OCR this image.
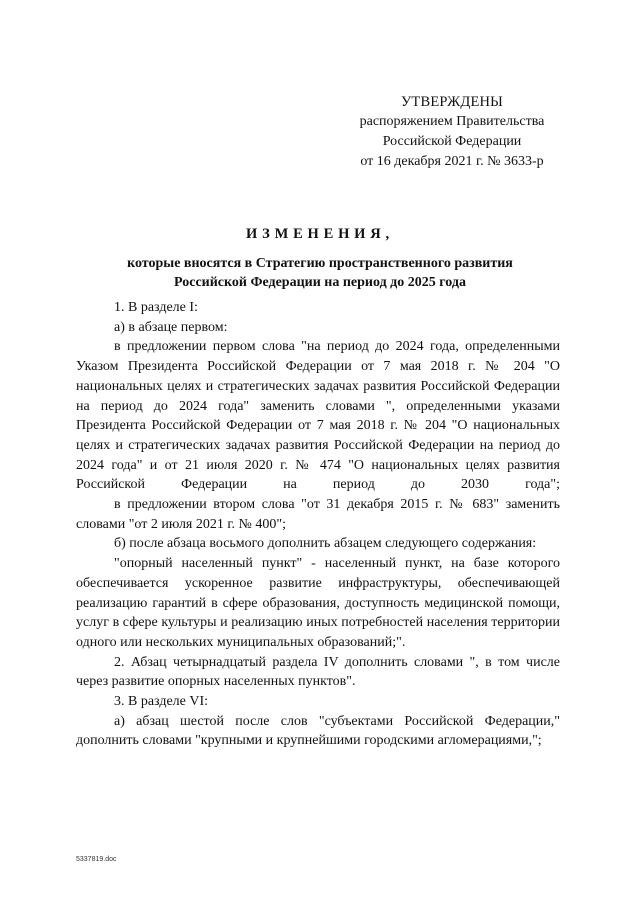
УТВЕРЖДЕНЫ
распоряжением Правительства
Российской Федерации
от 16 декабря 2021 г. № 3633-р
ИЗМЕНЕНИЯ,
которые вносятся в Стратегию пространственного развития
Российской Федерации на период до 2025 года

1. В разделе I:

а) в абзаце первом:

в предложении первом слова "на период до 2024 года, определенными Указом Президента Российской Федерации от 7 мая 2018 г. № 204 "О национальных целях и стратегических задачах развития Российской Федерации на период до 2024 года" заменить словами ", определенными указами Президента Российской Федерации от 7 мая 2018 г. № 204 "О национальных целях и стратегических задачах развития Российской Федерации на период до 2024 года" и от 21 июля 2020 г. № 474 "О национальных целях развития Российской Федерации на период до 2030 года";

в предложении втором слова "от 31 декабря 2015 г. № 683" заменить словами "от 2 июля 2021 г. № 400";

б) после абзаца восьмого дополнить абзацем следующего содержания:

"опорный населенный пункт" - населенный пункт, на базе которого обеспечивается ускоренное развитие инфраструктуры, обеспечивающей реализацию гарантий в сфере образования, доступность медицинской помощи, услуг в сфере культуры и реализацию иных потребностей населения территории одного или нескольких муниципальных образований;".

2. Абзац четырнадцатый раздела IV дополнить словами ", в том числе через развитие опорных населенных пунктов".

3. В разделе VI:

а) абзац шестой после слов "субъектами Российской Федерации," дополнить словами "крупными и крупнейшими городскими агломерациями,";

5337819.doc
